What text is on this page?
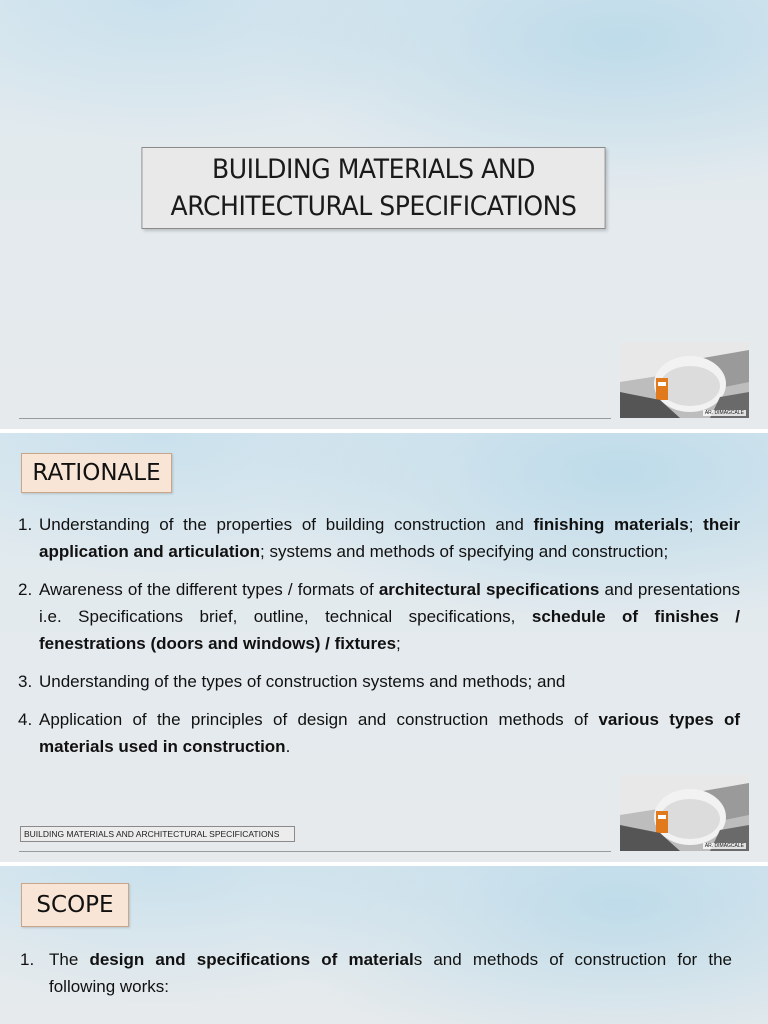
BUILDING MATERIALS AND
ARCHITECTURAL SPECIFICATIONS
AR. DIMAGCALE
RATIONALE
1. Understanding of the properties of building construction and finishing materials; their application and articulation; systems and methods of specifying and construction;
2. Awareness of the different types / formats of architectural specifications and presentations i.e. Specifications brief, outline, technical specifications, schedule of finishes / fenestrations (doors and windows) / fixtures;
3. Understanding of the types of construction systems and methods; and
4. Application of the principles of design and construction methods of various types of materials used in construction.
BUILDING MATERIALS AND ARCHITECTURAL SPECIFICATIONS
AR. DIMAGCALE
SCOPE
1. The design and specifications of materials and methods of construction for the following works:
